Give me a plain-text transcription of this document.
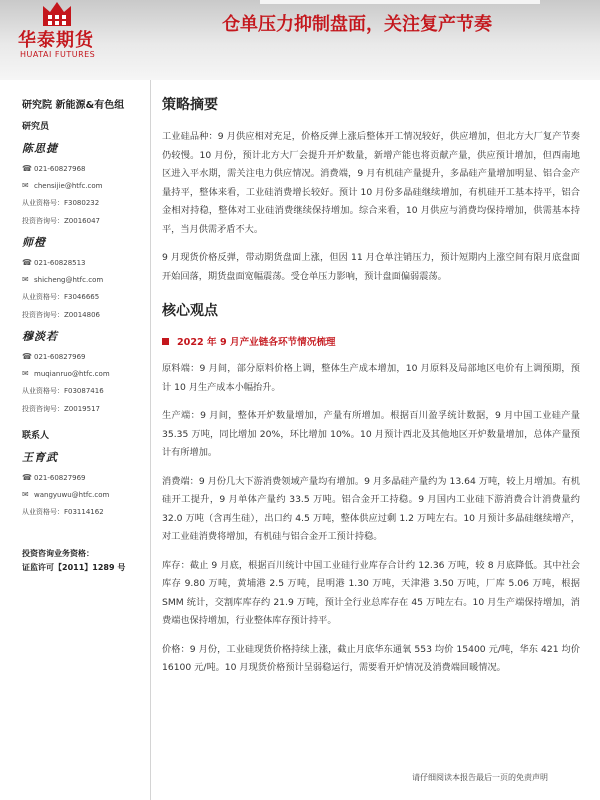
华泰期货
HUATAI FUTURES
仓单压力抑制盘面，关注复产节奏
研究院 新能源&有色组
研究员
陈思捷
☎ 021-60827968
✉ chensijie@htfc.com
从业资格号：F3080232
投资咨询号：Z0016047
师橙
☎ 021-60828513
✉ shicheng@htfc.com
从业资格号：F3046665
投资咨询号：Z0014806
穆淡若
☎ 021-60827969
✉ muqianruo@htfc.com
从业资格号：F03087416
投资咨询号：Z0019517
联系人
王育武
☎ 021-60827969
✉ wangyuwu@htfc.com
从业资格号：F03114162
投资咨询业务资格：
证监许可【2011】1289 号
策略摘要
工业硅品种：9 月供应相对充足，价格反弹上涨后整体开工情况较好，供应增加，但北方大厂复产节奏仍较慢。10 月份，预计北方大厂会提升开炉数量，新增产能也将贡献产量，供应预计增加，但西南地区进入平水期，需关注电力供应情况。消费端，9 月有机硅产量提升，多晶硅产量增加明显、铝合金产量持平，整体来看，工业硅消费增长较好。预计 10 月份多晶硅继续增加，有机硅开工基本持平，铝合金相对持稳，整体对工业硅消费继续保持增加。综合来看，10 月供应与消费均保持增加，供需基本持平，当月供需矛盾不大。
9 月现货价格反弹，带动期货盘面上涨，但因 11 月仓单注销压力，预计短期内上涨空间有限月底盘面开始回落，期货盘面宽幅震荡。受仓单压力影响，预计盘面偏弱震荡。
核心观点
2022 年 9 月产业链各环节情况梳理
原料端：9 月间，部分原料价格上调，整体生产成本增加，10 月原料及局部地区电价有上调预期，预计 10 月生产成本小幅抬升。
生产端：9 月间，整体开炉数量增加，产量有所增加。根据百川盈孚统计数据，9 月中国工业硅产量 35.35 万吨，同比增加 20%，环比增加 10%。10 月预计西北及其他地区开炉数量增加，总体产量预计有所增加。
消费端：9 月份几大下游消费领域产量均有增加。9 月多晶硅产量约为 13.64 万吨，较上月增加。有机硅开工提升，9 月单体产量约 33.5 万吨。铝合金开工持稳。9 月国内工业硅下游消费合计消费量约 32.0 万吨（含再生硅），出口约 4.5 万吨，整体供应过剩 1.2 万吨左右。10 月预计多晶硅继续增产，对工业硅消费将增加，有机硅与铝合金开工预计持稳。
库存：截止 9 月底，根据百川统计中国工业硅行业库存合计约 12.36 万吨，较 8 月底降低。其中社会库存 9.80 万吨，黄埔港 2.5 万吨，昆明港 1.30 万吨，天津港 3.50 万吨，厂库 5.06 万吨，根据 SMM 统计，交割库库存约 21.9 万吨，预计全行业总库存在 45 万吨左右。10 月生产端保持增加，消费端也保持增加，行业整体库存预计持平。
价格：9 月份，工业硅现货价格持续上涨，截止月底华东通氧 553 均价 15400 元/吨，华东 421 均价 16100 元/吨。10 月现货价格预计呈弱稳运行，需要看开炉情况及消费端回暖情况。
请仔细阅读本报告最后一页的免责声明
